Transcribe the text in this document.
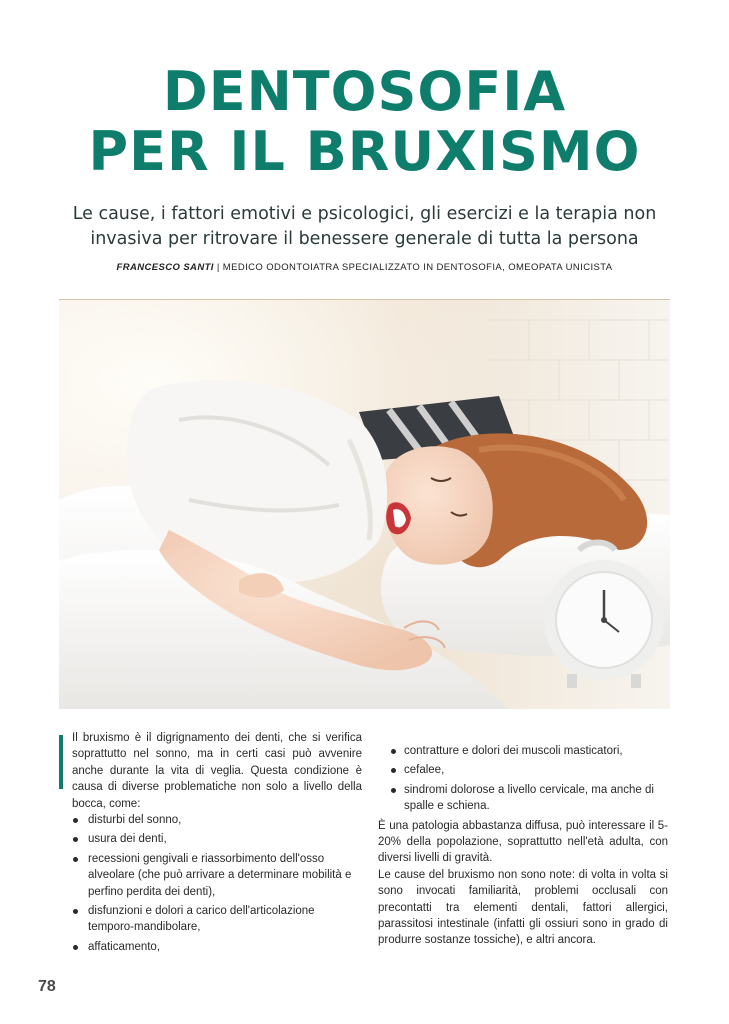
DENTOSOFIA
PER IL BRUXISMO

Le cause, i fattori emotivi e psicologici, gli esercizi e la terapia non
invasiva per ritrovare il benessere generale di tutta la persona

FRANCESCO SANTI | MEDICO ODONTOIATRA SPECIALIZZATO IN DENTOSOFIA, OMEOPATA UNICISTA

Il bruxismo è il digrignamento dei denti, che si verifica soprattutto nel sonno, ma in certi casi può avvenire anche durante la vita di veglia. Questa condizione è causa di diverse problematiche non solo a livello della bocca, come:

disturbi del sonno,
usura dei denti,
recessioni gengivali e riassorbimento dell'osso alveolare (che può arrivare a determinare mobilità e perfino perdita dei denti),
disfunzioni e dolori a carico dell'articolazione temporo-mandibolare,
affaticamento,
contratture e dolori dei muscoli masticatori,
cefalee,
sindromi dolorose a livello cervicale, ma anche di spalle e schiena.

È una patologia abbastanza diffusa, può interessare il 5-20% della popolazione, soprattutto nell'età adulta, con diversi livelli di gravità.

Le cause del bruxismo non sono note: di volta in volta si sono invocati familiarità, problemi occlusali con precontatti tra elementi dentali, fattori allergici, parassitosi intestinale (infatti gli ossiuri sono in grado di produrre sostanze tossiche), e altri ancora.

78
